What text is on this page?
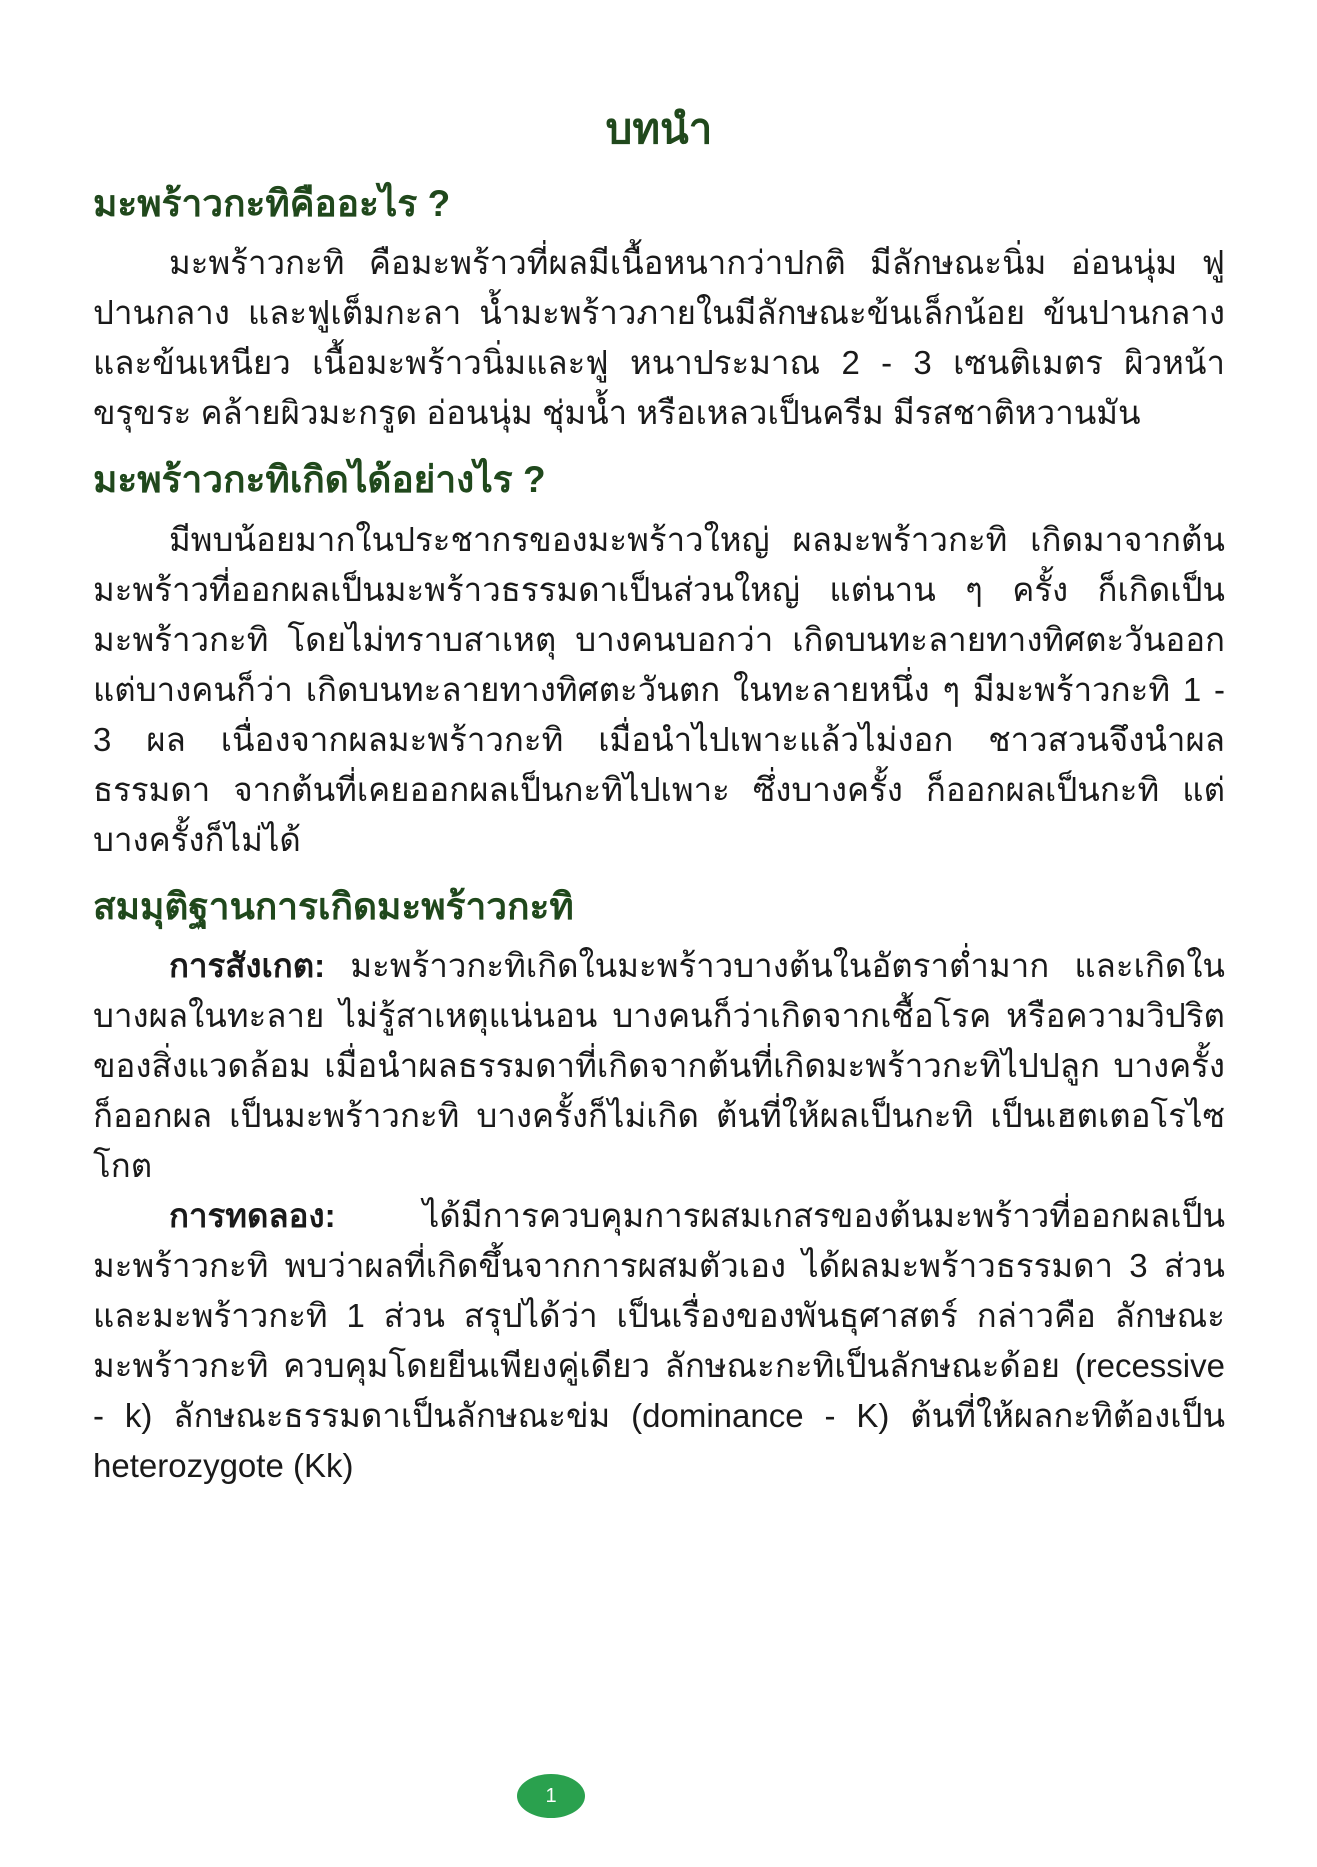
บทนำ
มะพร้าวกะทิคืออะไร ?

มะพร้าวกะทิ คือมะพร้าวที่ผลมีเนื้อหนากว่าปกติ มีลักษณะนิ่ม อ่อนนุ่ม ฟูปานกลาง และฟูเต็มกะลา น้ำมะพร้าวภายในมีลักษณะข้นเล็กน้อย ข้นปานกลาง และข้นเหนียว เนื้อมะพร้าวนิ่มและฟู หนาประมาณ 2 - 3 เซนติเมตร ผิวหน้าขรุขระ คล้ายผิวมะกรูด อ่อนนุ่ม ชุ่มน้ำ หรือเหลวเป็นครีม มีรสชาติหวานมัน

มะพร้าวกะทิเกิดได้อย่างไร ?

มีพบน้อยมากในประชากรของมะพร้าวใหญ่ ผลมะพร้าวกะทิ เกิดมาจากต้นมะพร้าวที่ออกผลเป็นมะพร้าวธรรมดาเป็นส่วนใหญ่ แต่นาน ๆ ครั้ง ก็เกิดเป็นมะพร้าวกะทิ โดยไม่ทราบสาเหตุ บางคนบอกว่า เกิดบนทะลายทางทิศตะวันออก แต่บางคนก็ว่า เกิดบนทะลายทางทิศตะวันตก ในทะลายหนึ่ง ๆ มีมะพร้าวกะทิ 1 - 3 ผล เนื่องจากผลมะพร้าวกะทิ เมื่อนำไปเพาะแล้วไม่งอก ชาวสวนจึงนำผลธรรมดา จากต้นที่เคยออกผลเป็นกะทิไปเพาะ ซึ่งบางครั้ง ก็ออกผลเป็นกะทิ แต่บางครั้งก็ไม่ได้

สมมุติฐานการเกิดมะพร้าวกะทิ

การสังเกต: มะพร้าวกะทิเกิดในมะพร้าวบางต้นในอัตราต่ำมาก และเกิดในบางผลในทะลาย ไม่รู้สาเหตุแน่นอน บางคนก็ว่าเกิดจากเชื้อโรค หรือความวิปริตของสิ่งแวดล้อม เมื่อนำผลธรรมดาที่เกิดจากต้นที่เกิดมะพร้าวกะทิไปปลูก บางครั้งก็ออกผล เป็นมะพร้าวกะทิ บางครั้งก็ไม่เกิด ต้นที่ให้ผลเป็นกะทิ เป็นเฮตเตอโรไซโกต

การทดลอง:	ได้มีการควบคุมการผสมเกสรของต้นมะพร้าวที่ออกผลเป็นมะพร้าวกะทิ พบว่าผลที่เกิดขึ้นจากการผสมตัวเอง ได้ผลมะพร้าวธรรมดา 3 ส่วน และมะพร้าวกะทิ 1 ส่วน สรุปได้ว่า เป็นเรื่องของพันธุศาสตร์ กล่าวคือ ลักษณะมะพร้าวกะทิ ควบคุมโดยยีนเพียงคู่เดียว ลักษณะกะทิเป็นลักษณะด้อย (recessive - k) ลักษณะธรรมดาเป็นลักษณะข่ม (dominance - K) ต้นที่ให้ผลกะทิต้องเป็น heterozygote (Kk)

1
